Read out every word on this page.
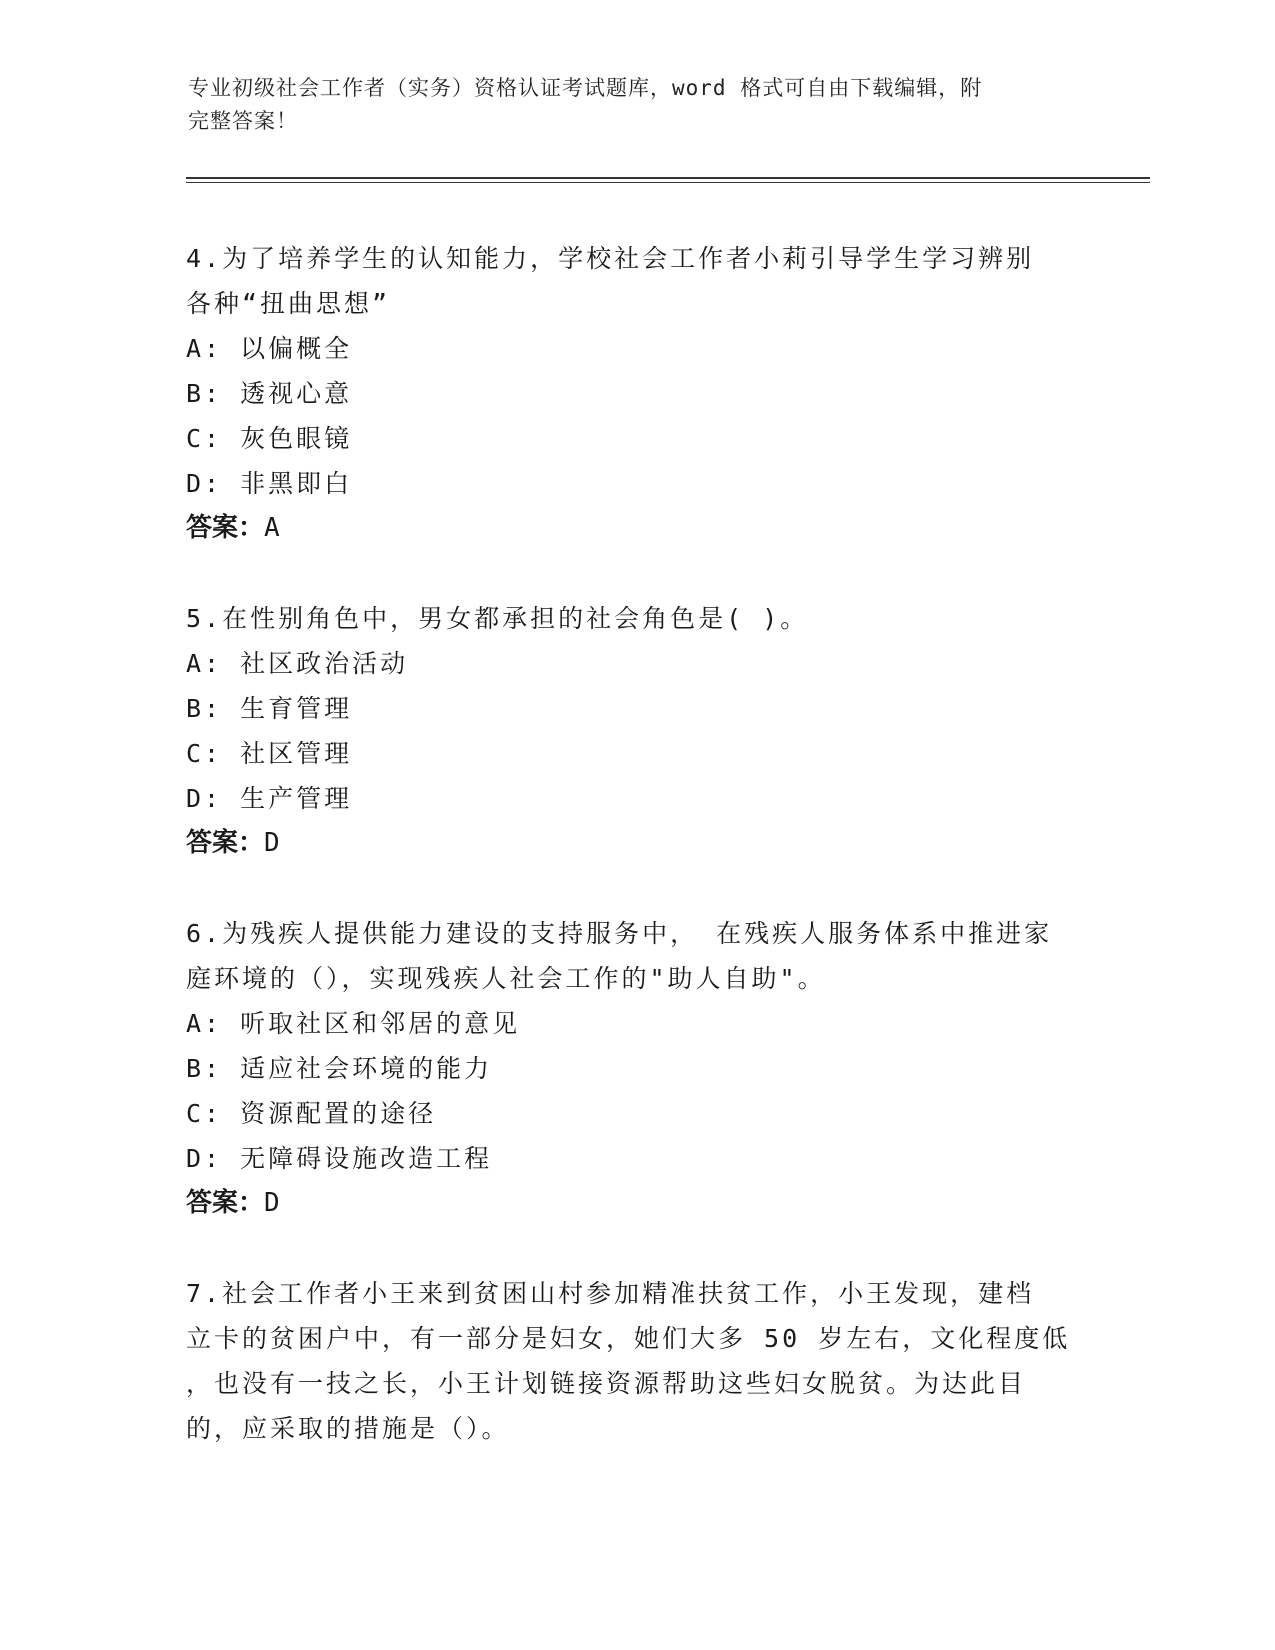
专业初级社会工作者（实务）资格认证考试题库，word 格式可自由下载编辑，附
完整答案！

4.为了培养学生的认知能力，学校社会工作者小莉引导学生学习辨别

各种“扭曲思想”

A: 以偏概全

B: 透视心意

C: 灰色眼镜

D: 非黑即白

答案：A

5.在性别角色中，男女都承担的社会角色是( )。

A: 社区政治活动

B: 生育管理

C: 社区管理

D: 生产管理

答案：D

6.为残疾人提供能力建设的支持服务中， 在残疾人服务体系中推进家

庭环境的（），实现残疾人社会工作的"助人自助"。

A: 听取社区和邻居的意见

B: 适应社会环境的能力

C: 资源配置的途径

D: 无障碍设施改造工程

答案：D

7.社会工作者小王来到贫困山村参加精准扶贫工作，小王发现，建档

立卡的贫困户中，有一部分是妇女，她们大多 50 岁左右，文化程度低

，也没有一技之长，小王计划链接资源帮助这些妇女脱贫。为达此目

的，应采取的措施是（）。
